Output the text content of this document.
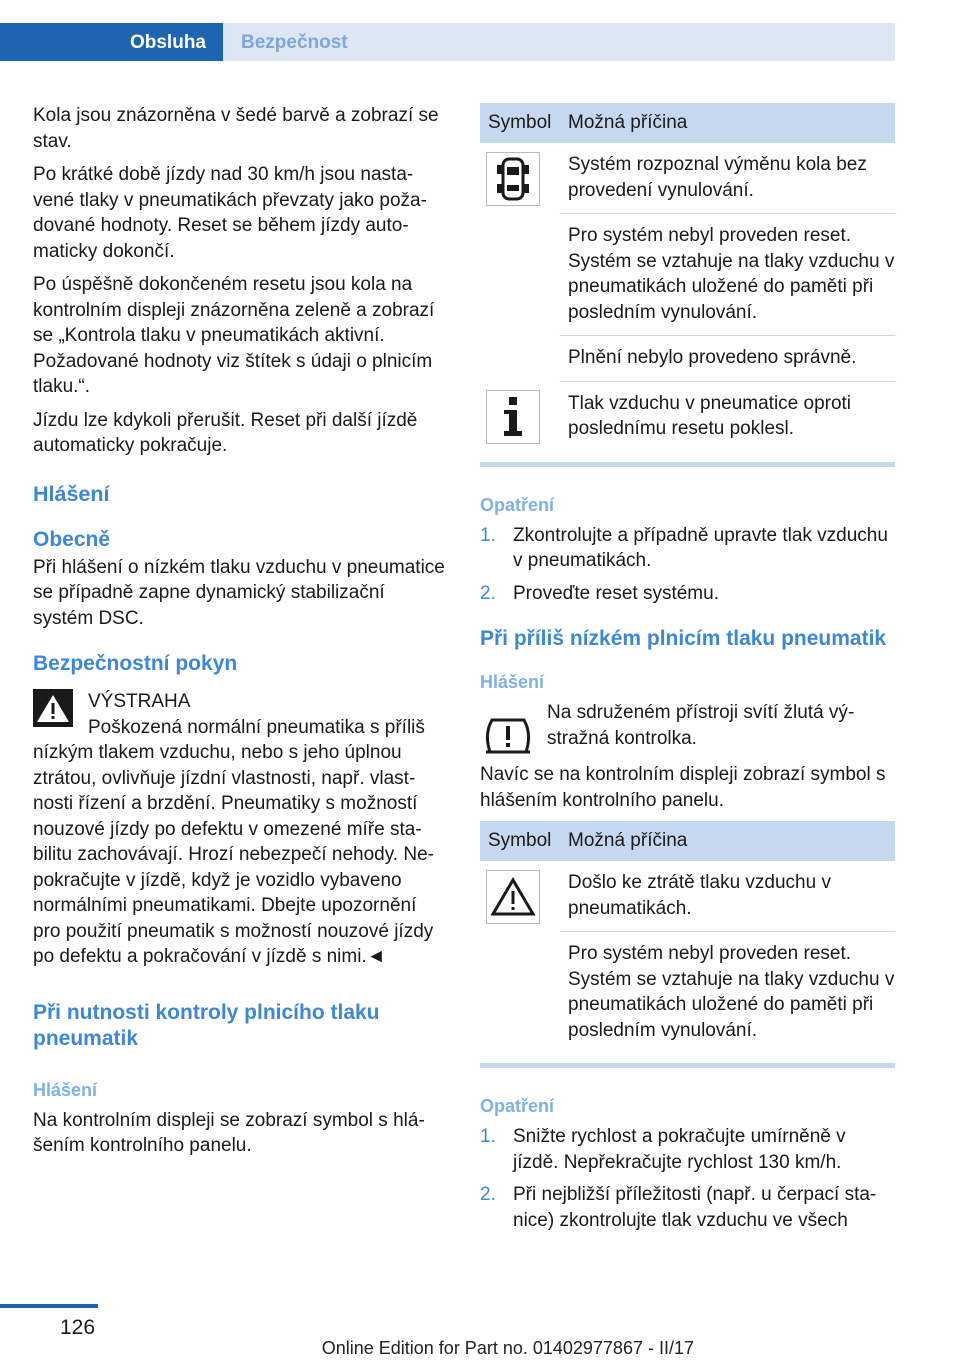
Obsluha	Bezpečnost

Kola jsou znázorněna v šedé barvě a zobrazí se stav.

Po krátké době jízdy nad 30 km/h jsou nastavené tlaky v pneumatikách převzaty jako požadované hodnoty. Reset se během jízdy automaticky dokončí.

Po úspěšně dokončeném resetu jsou kola na kontrolním displeji znázorněna zeleně a zobrazí se „Kontrola tlaku v pneumatikách aktivní. Požadované hodnoty viz štítek s údaji o plnicím tlaku.“.

Jízdu lze kdykoli přerušit. Reset při další jízdě automaticky pokračuje.

Hlášení
Obecně

Při hlášení o nízkém tlaku vzduchu v pneumatice se případně zapne dynamický stabilizační systém DSC.

Bezpečnostní pokyn
VÝSTRAHA
Poškozená normální pneumatika s příliš
nízkým tlakem vzduchu, nebo s jeho úplnou ztrátou, ovlivňuje jízdní vlastnosti, např. vlastnosti řízení a brzdění. Pneumatiky s možností nouzové jízdy po defektu v omezené míře stabilitu zachovávají. Hrozí nebezpečí nehody. Nepokračujte v jízdě, když je vozidlo vybaveno normálními pneumatikami. Dbejte upozornění pro použití pneumatik s možností nouzové jízdy po defektu a pokračování v jízdě s nimi.◄
Při nutnosti kontroly plnicího tlaku pneumatik
Hlášení

Na kontrolním displeji se zobrazí symbol s hlášením kontrolního panelu.

Symbol	Možná příčina

	Systém rozpoznal výměnu kola bez provedení vynulování.
	Pro systém nebyl proveden reset. Systém se vztahuje na tlaky vzduchu v pneumatikách uložené do paměti při posledním vynulování.
	Plnění nebylo provedeno správně.

	Tlak vzduchu v pneumatice oproti poslednímu resetu poklesl.
Opatření
1. Zkontrolujte a případně upravte tlak vzduchu v pneumatikách.
2. Proveďte reset systému.
Při příliš nízkém plnicím tlaku pneumatik
Hlášení
Na sdruženém přístroji svítí žlutá výstražná kontrolka.

Navíc se na kontrolním displeji zobrazí symbol s hlášením kontrolního panelu.

Symbol	Možná příčina

	Došlo ke ztrátě tlaku vzduchu v pneumatikách.
	Pro systém nebyl proveden reset. Systém se vztahuje na tlaky vzduchu v pneumatikách uložené do paměti při posledním vynulování.
Opatření
1. Snižte rychlost a pokračujte umírněně v jízdě. Nepřekračujte rychlost 130 km/h.
2. Při nejbližší příležitosti (např. u čerpací stanice) zkontrolujte tlak vzduchu ve všech
126
Online Edition for Part no. 01402977867 - II/17
